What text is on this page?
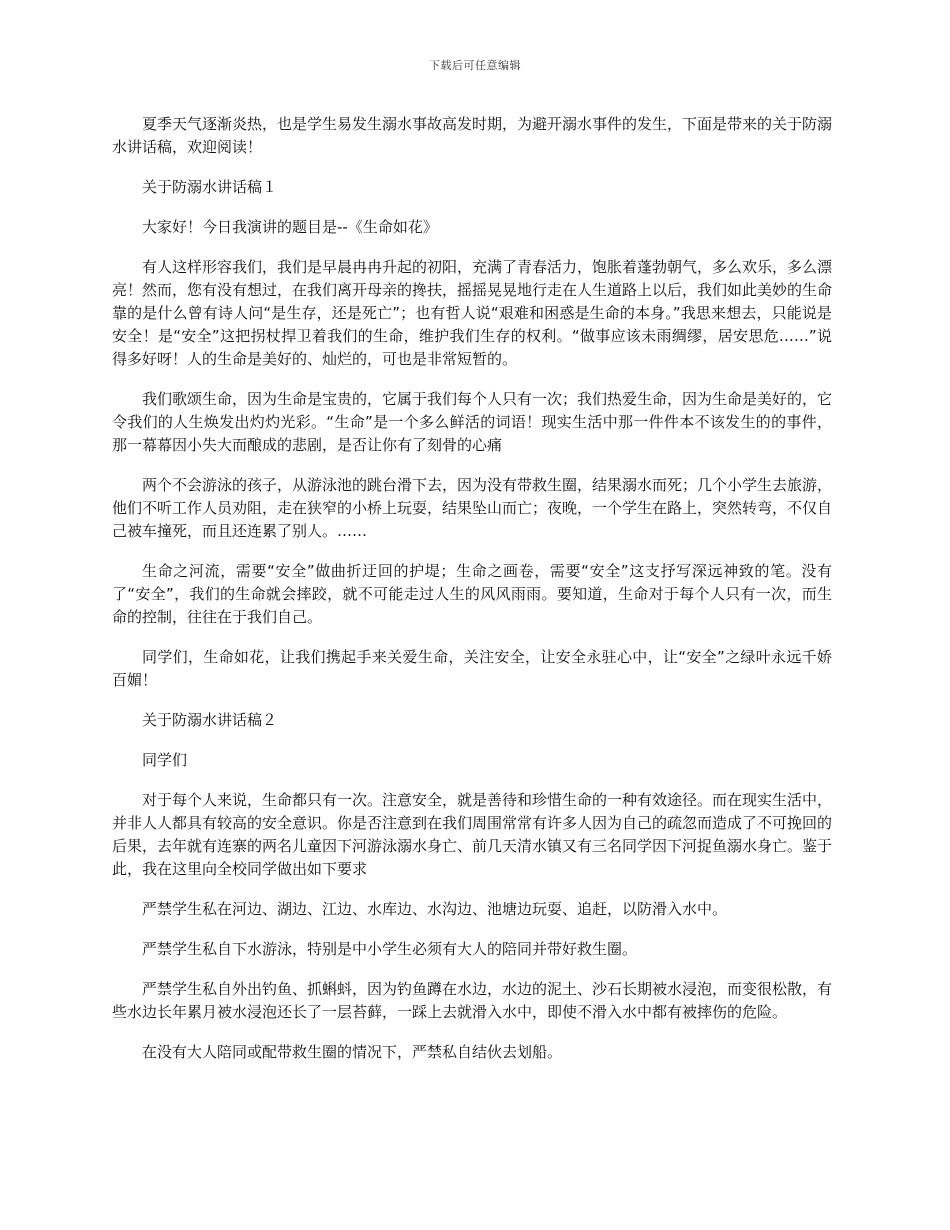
下载后可任意编辑

夏季天气逐渐炎热，也是学生易发生溺水事故高发时期，为避开溺水事件的发生，下面是带来的关于防溺水讲话稿，欢迎阅读！

关于防溺水讲话稿１

大家好！今日我演讲的题目是--《生命如花》

有人这样形容我们，我们是早晨冉冉升起的初阳，充满了青春活力，饱胀着蓬勃朝气，多么欢乐，多么漂亮！然而，您有没有想过，在我们离开母亲的搀扶，摇摇晃晃地行走在人生道路上以后，我们如此美妙的生命靠的是什么曾有诗人问“是生存，还是死亡”；也有哲人说“艰难和困惑是生命的本身。”我思来想去，只能说是安全！是“安全”这把拐杖捍卫着我们的生命，维护我们生存的权利。“做事应该未雨绸缪，居安思危……”说得多好呀！人的生命是美好的、灿烂的，可也是非常短暂的。

我们歌颂生命，因为生命是宝贵的，它属于我们每个人只有一次；我们热爱生命，因为生命是美好的，它令我们的人生焕发出灼灼光彩。“生命”是一个多么鲜活的词语！现实生活中那一件件本不该发生的的事件，那一幕幕因小失大而酿成的悲剧，是否让你有了刻骨的心痛

两个不会游泳的孩子，从游泳池的跳台滑下去，因为没有带救生圈，结果溺水而死；几个小学生去旅游，他们不听工作人员劝阻，走在狭窄的小桥上玩耍，结果坠山而亡；夜晚，一个学生在路上，突然转弯，不仅自己被车撞死，而且还连累了别人。……

生命之河流，需要“安全”做曲折迂回的护堤；生命之画卷，需要“安全”这支抒写深远神致的笔。没有了“安全”，我们的生命就会摔跤，就不可能走过人生的风风雨雨。要知道，生命对于每个人只有一次，而生命的控制，往往在于我们自己。

同学们，生命如花，让我们携起手来关爱生命，关注安全，让安全永驻心中，让“安全”之绿叶永远千娇百媚！

关于防溺水讲话稿２

同学们

对于每个人来说，生命都只有一次。注意安全，就是善待和珍惜生命的一种有效途径。而在现实生活中，并非人人都具有较高的安全意识。你是否注意到在我们周围常常有许多人因为自己的疏忽而造成了不可挽回的后果，去年就有连寨的两名儿童因下河游泳溺水身亡、前几天清水镇又有三名同学因下河捉鱼溺水身亡。鉴于此，我在这里向全校同学做出如下要求

严禁学生私在河边、湖边、江边、水库边、水沟边、池塘边玩耍、追赶，以防滑入水中。

严禁学生私自下水游泳，特别是中小学生必须有大人的陪同并带好救生圈。

严禁学生私自外出钓鱼、抓蝌蚪，因为钓鱼蹲在水边，水边的泥土、沙石长期被水浸泡，而变很松散，有些水边长年累月被水浸泡还长了一层苔藓，一踩上去就滑入水中，即使不滑入水中都有被摔伤的危险。

在没有大人陪同或配带救生圈的情况下，严禁私自结伙去划船。
